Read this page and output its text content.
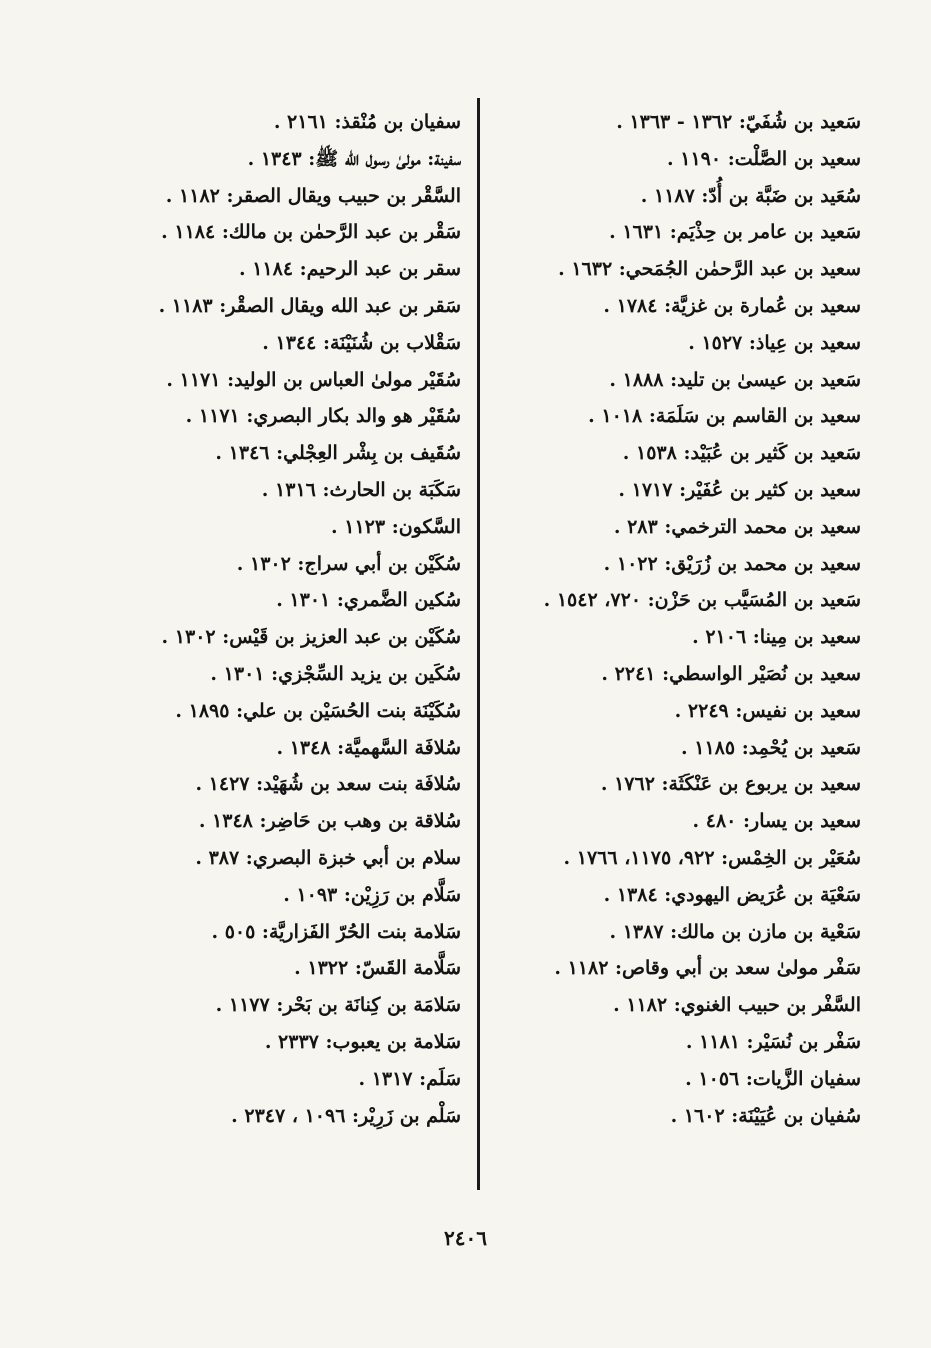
سَعيد بن شُفَيّ: ١٣٦٢ - ١٣٦٣ .
سعيد بن الصَّلْت: ١١٩٠ .
سُعَيد بن ضَبَّة بن أُدّ: ١١٨٧ .
سَعيد بن عامر بن حِذْيَم: ١٦٣١ .
سعيد بن عبد الرَّحمٰن الجُمَحي: ١٦٣٢ .
سعيد بن عُمارة بن غزيَّة: ١٧٨٤ .
سعيد بن عِياذ: ١٥٢٧ .
سَعيد بن عيسىٰ بن تليد: ١٨٨٨ .
سعيد بن القاسم بن سَلَمَة: ١٠١٨ .
سَعيد بن كَثير بن عُبَيْد: ١٥٣٨ .
سعيد بن كثير بن عُفَيْر: ١٧١٧ .
سعيد بن محمد الترخمي: ٢٨٣ .
سعيد بن محمد بن زُرَيْق: ١٠٢٢ .
سَعيد بن المُسَيَّب بن حَزْن: ٧٢٠، ١٥٤٢ .
سعيد بن مِينا: ٢١٠٦ .
سعيد بن نُصَيْر الواسطي: ٢٢٤١ .
سعيد بن نفيس: ٢٢٤٩ .
سَعيد بن يُحْمِد: ١١٨٥ .
سعيد بن يربوع بن عَنْكَثَة: ١٧٦٢ .
سعيد بن يسار: ٤٨٠ .
سُعَيْر بن الخِمْس: ٩٢٢، ١١٧٥، ١٧٦٦ .
سَعْيَة بن عُرَيض اليهودي: ١٣٨٤ .
سَعْية بن مازن بن مالك: ١٣٨٧ .
سَفْر مولىٰ سعد بن أبي وقاص: ١١٨٢ .
السَّفْر بن حبيب الغنوي: ١١٨٢ .
سَفْر بن نُسَيْر: ١١٨١ .
سفيان الزَّيات: ١٠٥٦ .
سُفيان بن عُيَيْنَة: ١٦٠٢ .
سفيان بن مُنْقذ: ٢١٦١ .
سفينة: مولىٰ رسول الله ﷺ: ١٣٤٣ .
السَّقْر بن حبيب ويقال الصقر: ١١٨٢ .
سَقْر بن عبد الرَّحمٰن بن مالك: ١١٨٤ .
سقر بن عبد الرحيم: ١١٨٤ .
سَقر بن عبد الله ويقال الصقْر: ١١٨٣ .
سَقْلاب بن شُنَيْنَة: ١٣٤٤ .
سُقَيْر مولىٰ العباس بن الوليد: ١١٧١ .
سُقَيْر هو والد بكار البصري: ١١٧١ .
سُقَيف بن بِشْر العِجْلي: ١٣٤٦ .
سَكَبَة بن الحارث: ١٣١٦ .
السَّكون: ١١٢٣ .
سُكَيْن بن أبي سراج: ١٣٠٢ .
سُكين الضَّمري: ١٣٠١ .
سُكَيْن بن عبد العزيز بن قَيْس: ١٣٠٢ .
سُكَين بن يزيد السِّجْزي: ١٣٠١ .
سُكَيْنَة بنت الحُسَيْن بن علي: ١٨٩٥ .
سُلافَة السَّهميَّة: ١٣٤٨ .
سُلافَة بنت سعد بن شُهَيْد: ١٤٢٧ .
سُلاقة بن وهب بن حَاضِر: ١٣٤٨ .
سلام بن أبي خبزة البصري: ٣٨٧ .
سَلَّام بن رَزِيْن: ١٠٩٣ .
سَلامة بنت الحُرّ الفَزاريَّة: ٥٠٥ .
سَلَّامة القَسّ: ١٣٢٢ .
سَلامَة بن كِنانَة بن بَحْر: ١١٧٧ .
سَلامة بن يعبوب: ٢٣٣٧ .
سَلَم: ١٣١٧ .
سَلْم بن زَرِيْر: ١٠٩٦ ، ٢٣٤٧ .
٢٤٠٦
